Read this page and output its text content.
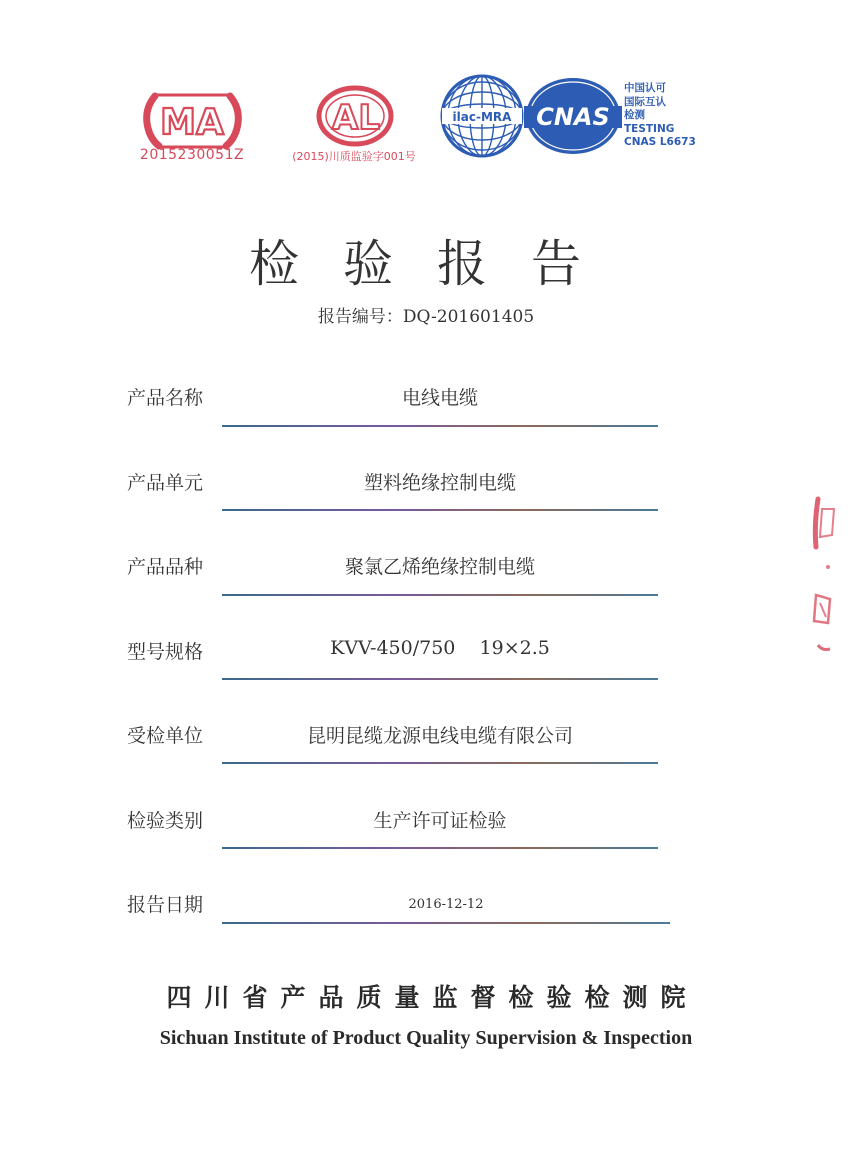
MA
2015230051Z
AL
(2015)川质监验字001号
ilac-MRA CNAS
中国认可
国际互认
检测
TESTING
CNAS L6673
检验报告
报告编号：DQ-201601405
产品名称	电线电缆
产品单元	塑料绝缘控制电缆
产品品种	聚氯乙烯绝缘控制电缆
型号规格	KVV-450/750    19×2.5
受检单位	昆明昆缆龙源电线电缆有限公司
检验类别	生产许可证检验
报告日期	2016-12-12
四川省产品质量监督检验检测院
Sichuan Institute of Product Quality Supervision & Inspection
